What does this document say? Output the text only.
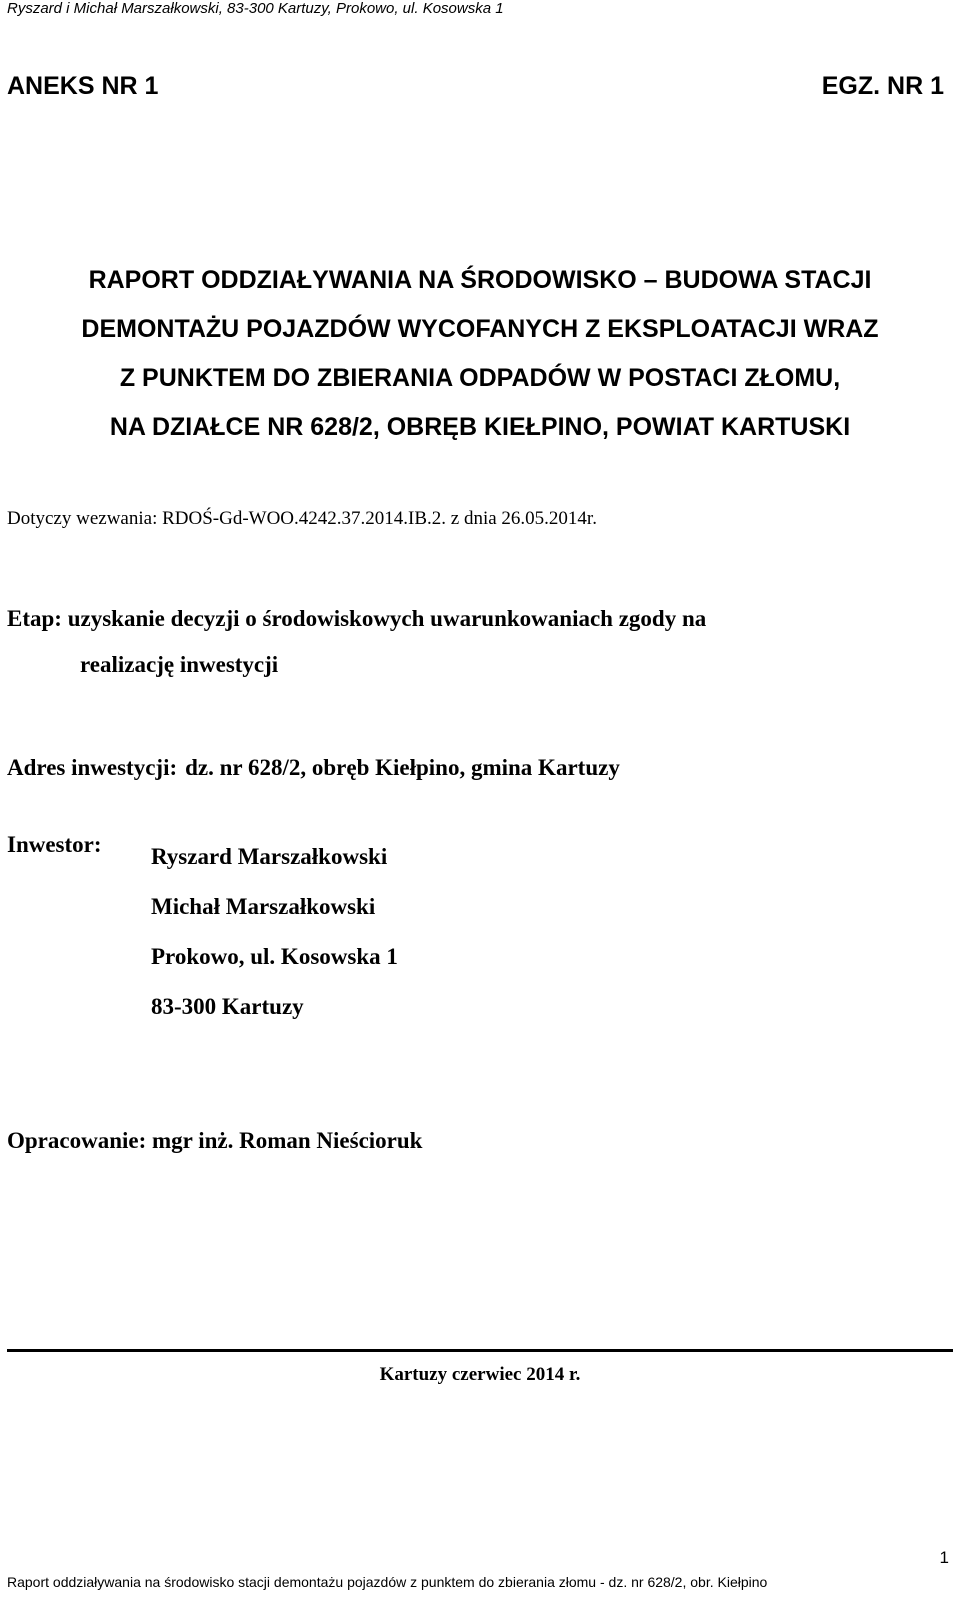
Ryszard i Michał Marszałkowski, 83-300 Kartuzy, Prokowo, ul. Kosowska 1
ANEKS NR 1	EGZ. NR 1
RAPORT ODDZIAŁYWANIA NA ŚRODOWISKO – BUDOWA STACJI
DEMONTAŻU POJAZDÓW WYCOFANYCH Z EKSPLOATACJI WRAZ
Z PUNKTEM DO ZBIERANIA ODPADÓW W POSTACI ZŁOMU,
NA DZIAŁCE NR 628/2, OBRĘB KIEŁPINO, POWIAT KARTUSKI
Dotyczy wezwania: RDOŚ-Gd-WOO.4242.37.2014.IB.2. z dnia 26.05.2014r.
Etap: uzyskanie decyzji o środowiskowych uwarunkowaniach zgody na
realizację inwestycji
Adres inwestycji: dz. nr 628/2, obręb Kiełpino, gmina Kartuzy
Inwestor: Ryszard Marszałkowski
Michał Marszałkowski
Prokowo, ul. Kosowska 1
83-300 Kartuzy
Opracowanie: mgr inż. Roman Nieścioruk
Kartuzy czerwiec 2014 r.
1
Raport oddziaływania na środowisko stacji demontażu pojazdów z punktem do zbierania złomu - dz. nr 628/2, obr. Kiełpino
